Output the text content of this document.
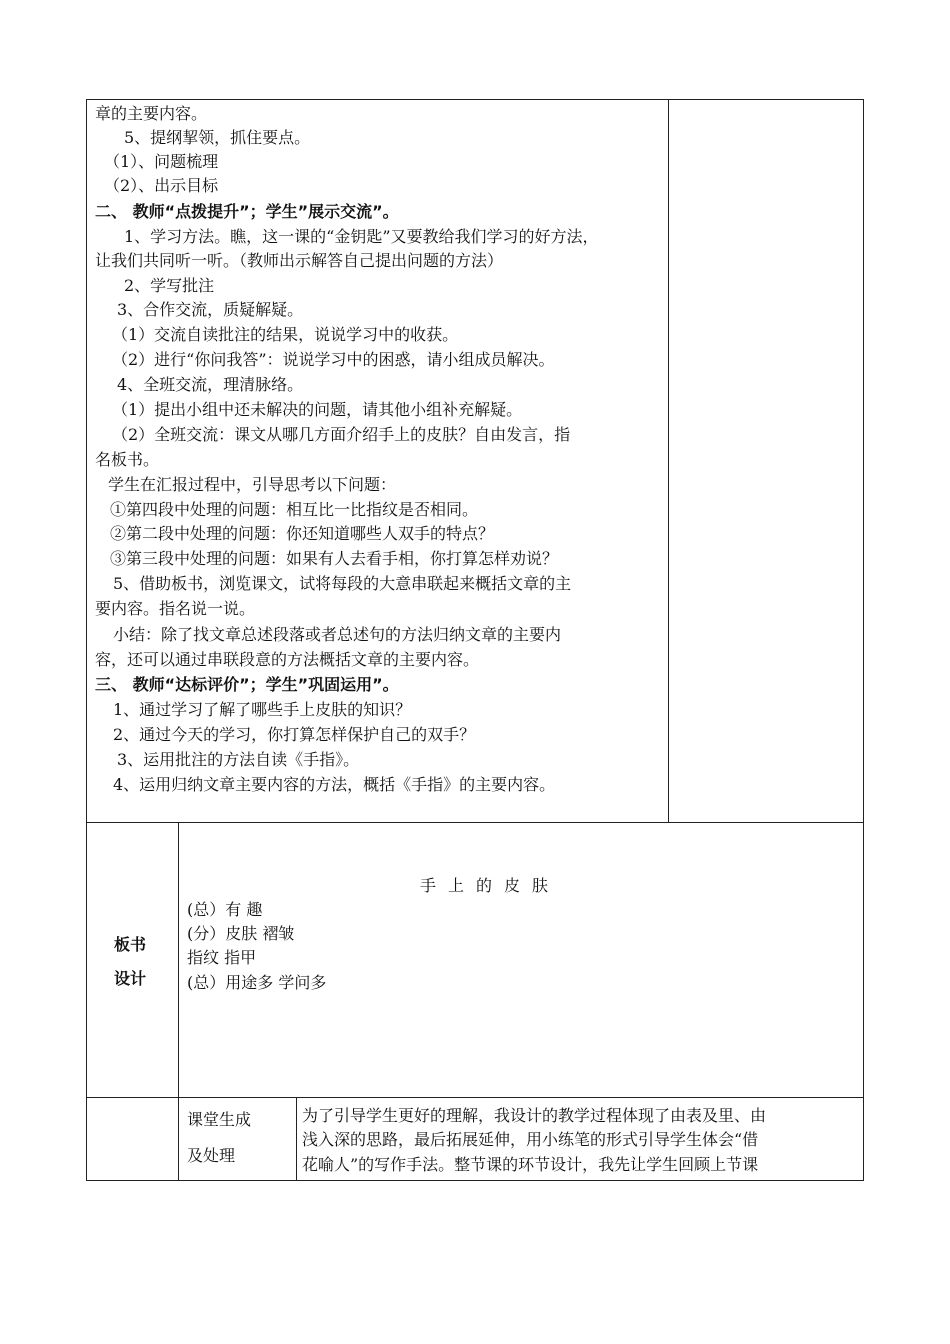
章的主要内容。
5、提纲挈领，抓住要点。
（1）、问题梳理
（2）、出示目标
二、 教师“点拨提升”；学生”展示交流”。
1、学习方法。瞧，这一课的“金钥匙”又要教给我们学习的好方法，
让我们共同听一听。（教师出示解答自己提出问题的方法）
2、学写批注
3、合作交流，质疑解疑。
（1）交流自读批注的结果，说说学习中的收获。
（2）进行“你问我答”：说说学习中的困惑，请小组成员解决。
4、全班交流，理清脉络。
（1）提出小组中还未解决的问题，请其他小组补充解疑。
（2）全班交流：课文从哪几方面介绍手上的皮肤？自由发言，指
名板书。
学生在汇报过程中，引导思考以下问题：
①第四段中处理的问题：相互比一比指纹是否相同。
②第二段中处理的问题：你还知道哪些人双手的特点？
③第三段中处理的问题：如果有人去看手相，你打算怎样劝说？
5、借助板书，浏览课文，试将每段的大意串联起来概括文章的主
要内容。指名说一说。
小结：除了找文章总述段落或者总述句的方法归纳文章的主要内
容，还可以通过串联段意的方法概括文章的主要内容。
三、 教师“达标评价”；学生”巩固运用”。
1、通过学习了解了哪些手上皮肤的知识？
2、通过今天的学习，你打算怎样保护自己的双手？
3、运用批注的方法自读《手指》。
4、运用归纳文章主要内容的方法，概括《手指》的主要内容。
板书
设计
手上的皮肤
(总）有 趣
(分）皮肤 褶皱
指纹 指甲
(总）用途多 学问多
课堂生成
及处理
为了引导学生更好的理解，我设计的教学过程体现了由表及里、由
浅入深的思路，最后拓展延伸，用小练笔的形式引导学生体会“借
花喻人”的写作手法。整节课的环节设计，我先让学生回顾上节课
